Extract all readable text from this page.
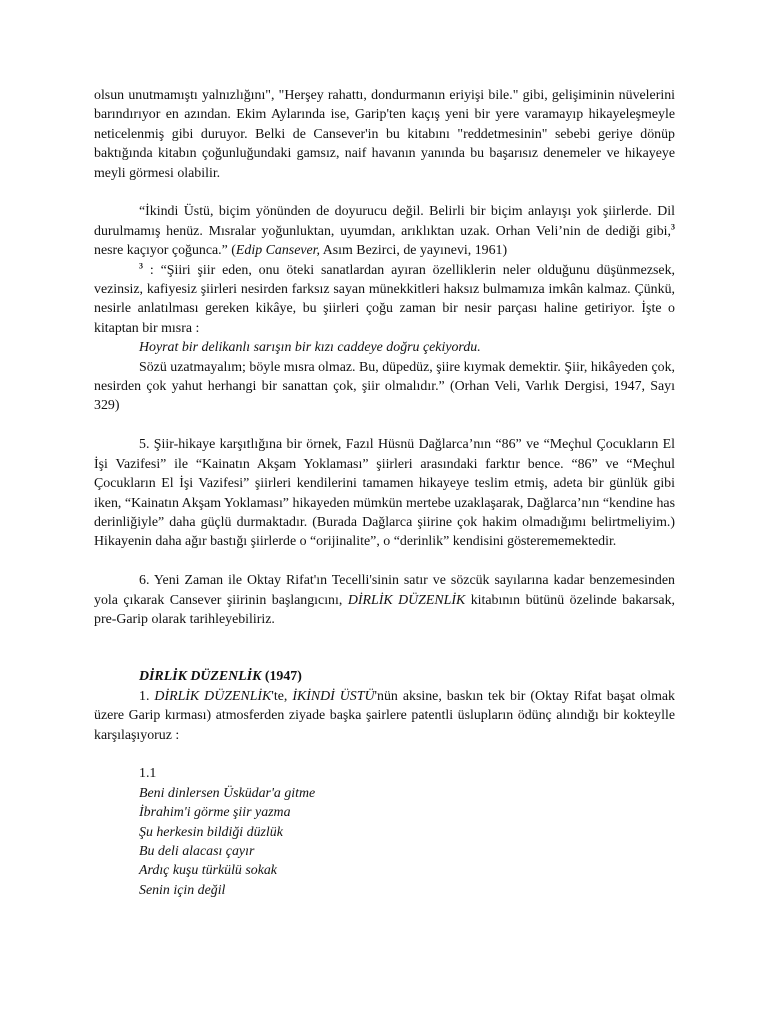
olsun unutmamıştı yalnızlığını", "Herşey rahattı, dondurmanın eriyişi bile." gibi, gelişiminin nüvelerini barındırıyor en azından. Ekim Aylarında ise, Garip'ten kaçış yeni bir yere varamayıp hikayeleşmeyle neticelenmiş gibi duruyor. Belki de Cansever'in bu kitabını "reddetmesinin" sebebi geriye dönüp baktığında kitabın çoğunluğundaki gamsız, naif havanın yanında bu başarısız denemeler ve hikayeye meyli görmesi olabilir.

“İkindi Üstü, biçim yönünden de doyurucu değil. Belirli bir biçim anlayışı yok şiirlerde. Dil durulmamış henüz. Mısralar yoğunluktan, uyumdan, arıklıktan uzak. Orhan Veli’nin de dediği gibi,$^3$ nesre kaçıyor çoğunca.” (Edip Cansever, Asım Bezirci, de yayınevi, 1961)

$^3$ : “Şiiri şiir eden, onu öteki sanatlardan ayıran özelliklerin neler olduğunu düşünmezsek, vezinsiz, kafiyesiz şiirleri nesirden farksız sayan münekkitleri haksız bulmamıza imkân kalmaz. Çünkü, nesirle anlatılması gereken kikâye, bu şiirleri çoğu zaman bir nesir parçası haline getiriyor. İşte o kitaptan bir mısra :

Hoyrat bir delikanlı sarışın bir kızı caddeye doğru çekiyordu.

Sözü uzatmayalım; böyle mısra olmaz. Bu, düpedüz, şiire kıymak demektir. Şiir, hikâyeden çok, nesirden çok yahut herhangi bir sanattan çok, şiir olmalıdır.” (Orhan Veli, Varlık Dergisi, 1947, Sayı 329)

5. Şiir-hikaye karşıtlığına bir örnek, Fazıl Hüsnü Dağlarca’nın “86” ve “Meçhul Çocukların El İşi Vazifesi” ile “Kainatın Akşam Yoklaması” şiirleri arasındaki farktır bence. “86” ve “Meçhul Çocukların El İşi Vazifesi” şiirleri kendilerini tamamen hikayeye teslim etmiş, adeta bir günlük gibi iken, “Kainatın Akşam Yoklaması” hikayeden mümkün mertebe uzaklaşarak, Dağlarca’nın “kendine has derinliğiyle” daha güçlü durmaktadır. (Burada Dağlarca şiirine çok hakim olmadığımı belirtmeliyim.) Hikayenin daha ağır bastığı şiirlerde o “orijinalite”, o “derinlik” kendisini gösterememektedir.

6. Yeni Zaman ile Oktay Rifat'ın Tecelli'sinin satır ve sözcük sayılarına kadar benzemesinden yola çıkarak Cansever şiirinin başlangıcını, DİRLİK DÜZENLİK kitabının bütünü özelinde bakarsak, pre-Garip olarak tarihleyebiliriz.

DİRLİK DÜZENLİK (1947)

1. DİRLİK DÜZENLİK'te, İKİNDİ ÜSTÜ'nün aksine, baskın tek bir (Oktay Rifat başat olmak üzere Garip kırması) atmosferden ziyade başka şairlere patentli üslupların ödünç alındığı bir kokteylle karşılaşıyoruz :

1.1
Beni dinlersen Üsküdar'a gitme
İbrahim'i görme şiir yazma
Şu herkesin bildiği düzlük
Bu deli alacası çayır
Ardıç kuşu türkülü sokak
Senin için değil
